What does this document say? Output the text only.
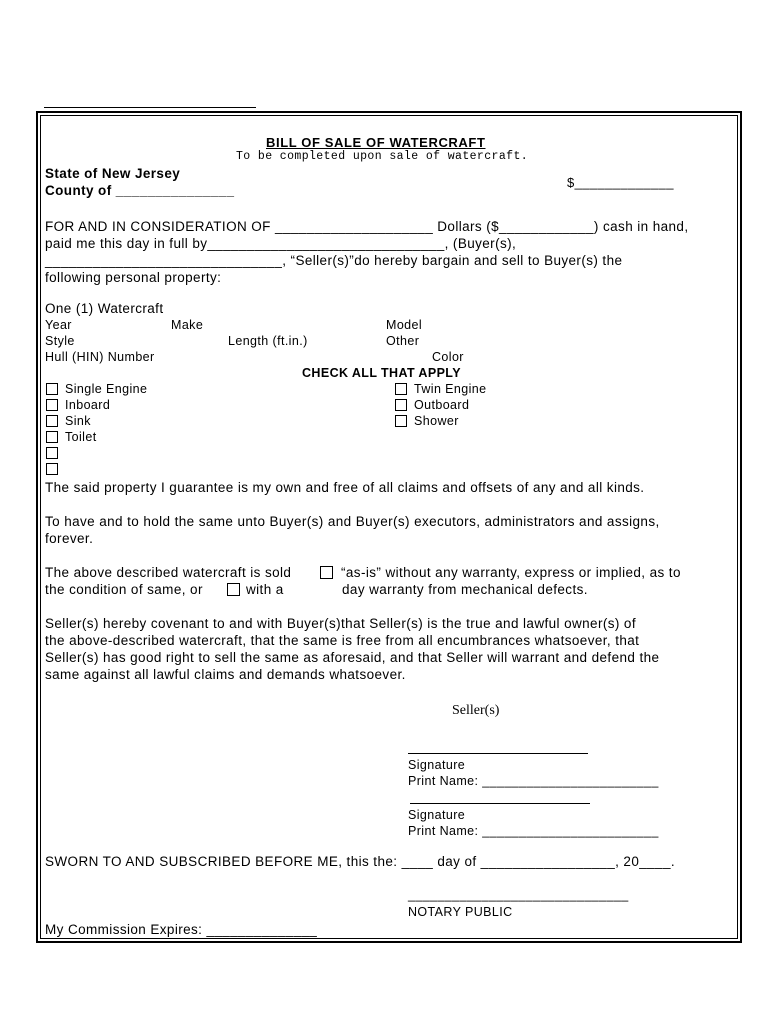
BILL OF SALE OF WATERCRAFT
To be completed upon sale of watercraft.
State of New Jersey
County of _______________
$_____________
FOR AND IN CONSIDERATION OF ____________________ Dollars ($____________) cash in hand,
paid me this day in full by______________________________, (Buyer(s),
______________________________, “Seller(s)”do hereby bargain and sell to Buyer(s) the
following personal property:
One (1) Watercraft
Year	Make	Model
Style	Length (ft.in.)	Other
Hull (HIN) Number	Color
CHECK ALL THAT APPLY
Single Engine
Inboard
Sink
Toilet
Twin Engine
Outboard
Shower
The said property I guarantee is my own and free of all claims and offsets of any and all kinds.
To have and to hold the same unto Buyer(s) and Buyer(s) executors, administrators and assigns,
forever.
The above described watercraft is sold	“as-is” without any warranty, express or implied, as to
the condition of same, or	with a	day warranty from mechanical defects.
Seller(s) hereby covenant to and with Buyer(s)that Seller(s) is the true and lawful owner(s) of
the above-described watercraft, that the same is free from all encumbrances whatsoever, that
Seller(s) has good right to sell the same as aforesaid, and that Seller will warrant and defend the
same against all lawful claims and demands whatsoever.
Seller(s)
Signature
Print Name: ________________________
Signature
Print Name: ________________________
SWORN TO AND SUBSCRIBED BEFORE ME, this the: ____ day of _________________, 20____.
______________________________
NOTARY PUBLIC
My Commission Expires: ______________
